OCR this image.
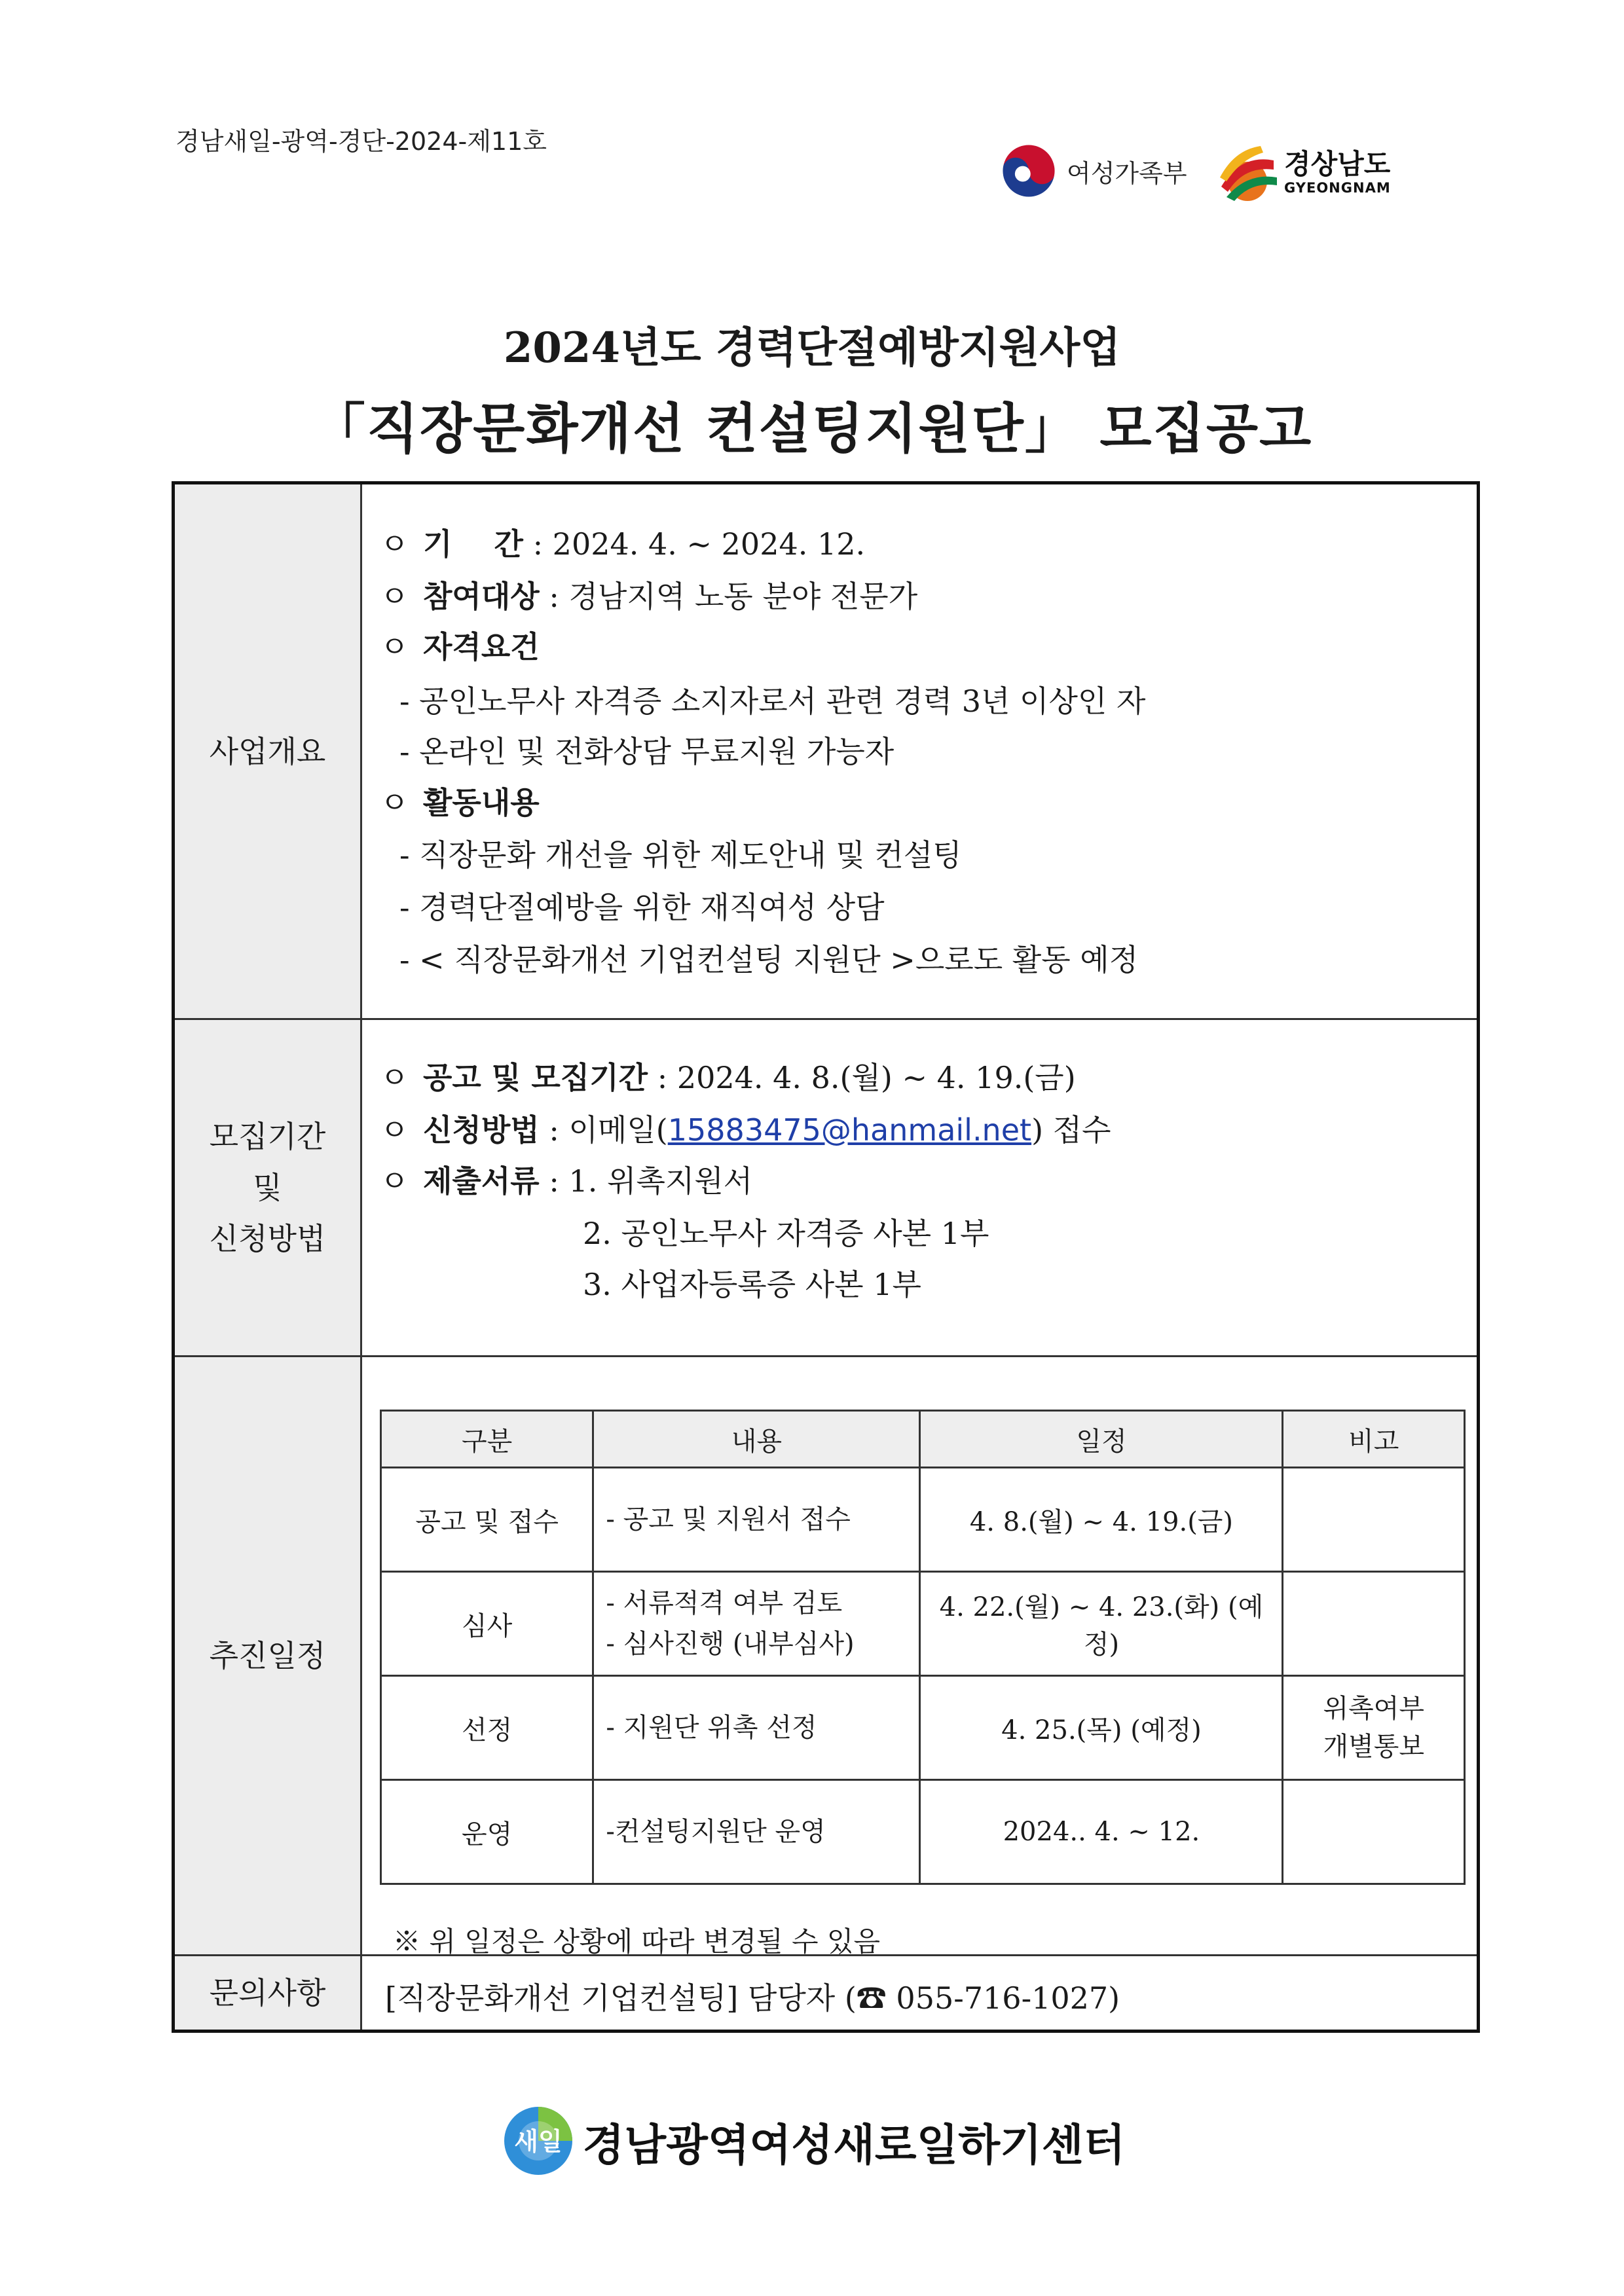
경남새일-광역-경단-2024-제11호
여성가족부	경상남도
GYEONGNAM
2024년도 경력단절예방지원사업
「직장문화개선 컨설팅지원단」 모집공고
사업개요
ㅇ 기    간 : 2024. 4. ~ 2024. 12.
ㅇ 참여대상 : 경남지역 노동 분야 전문가
ㅇ 자격요건
- 공인노무사 자격증 소지자로서 관련 경력 3년 이상인 자
- 온라인 및 전화상담 무료지원 가능자
ㅇ 활동내용
- 직장문화 개선을 위한 제도안내 및 컨설팅
- 경력단절예방을 위한 재직여성 상담
- < 직장문화개선 기업컨설팅 지원단 >으로도 활동 예정
모집기간
및
신청방법
ㅇ 공고 및 모집기간 : 2024. 4. 8.(월) ~ 4. 19.(금)
ㅇ 신청방법 : 이메일(15883475@hanmail.net) 접수
ㅇ 제출서류 : 1. 위촉지원서
2. 공인노무사 자격증 사본 1부
3. 사업자등록증 사본 1부
추진일정
구분	내용	일정	비고
공고 및 접수	- 공고 및 지원서 접수	4. 8.(월) ~ 4. 19.(금)	
심사	- 서류적격 여부 검토
- 심사진행 (내부심사)	4. 22.(월) ~ 4. 23.(화) (예정)	
선정	- 지원단 위촉 선정	4. 25.(목) (예정)	위촉여부
개별통보

운영	-컨설팅지원단 운영	2024.. 4. ~ 12.	
※ 위 일정은 상황에 따라 변경될 수 있음
문의사항	[직장문화개선 기업컨설팅] 담당자 (☎ 055-716-1027)
새일 경남광역여성새로일하기센터
